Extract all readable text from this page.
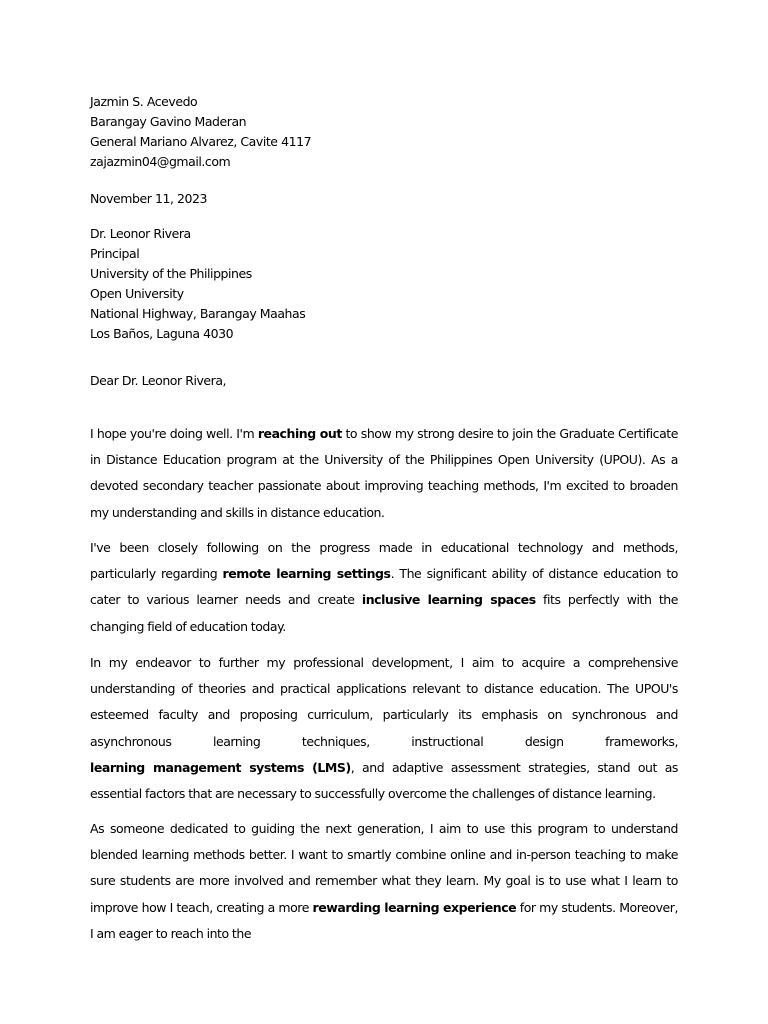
Jazmin S. Acevedo
Barangay Gavino Maderan
General Mariano Alvarez, Cavite 4117
zajazmin04@gmail.com
November 11, 2023
Dr. Leonor Rivera
Principal
University of the Philippines
Open University
National Highway, Barangay Maahas
Los Baños, Laguna 4030
Dear Dr. Leonor Rivera,
I hope you're doing well. I'm reaching out to show my strong desire to join the Graduate Certificate in Distance Education program at the University of the Philippines Open University (UPOU). As a devoted secondary teacher passionate about improving teaching methods, I'm excited to broaden my understanding and skills in distance education.
I've been closely following on the progress made in educational technology and methods, particularly regarding remote learning settings. The significant ability of distance education to cater to various learner needs and create inclusive learning spaces fits perfectly with the changing field of education today.
In my endeavor to further my professional development, I aim to acquire a comprehensive understanding of theories and practical applications relevant to distance education. The UPOU's esteemed faculty and proposing curriculum, particularly its emphasis on synchronous and asynchronous learning techniques, instructional design frameworks, learning management systems (LMS), and adaptive assessment strategies, stand out as essential factors that are necessary to successfully overcome the challenges of distance learning.
As someone dedicated to guiding the next generation, I aim to use this program to understand blended learning methods better. I want to smartly combine online and in-person teaching to make sure students are more involved and remember what they learn. My goal is to use what I learn to improve how I teach, creating a more rewarding learning experience for my students. Moreover, I am eager to reach into the
